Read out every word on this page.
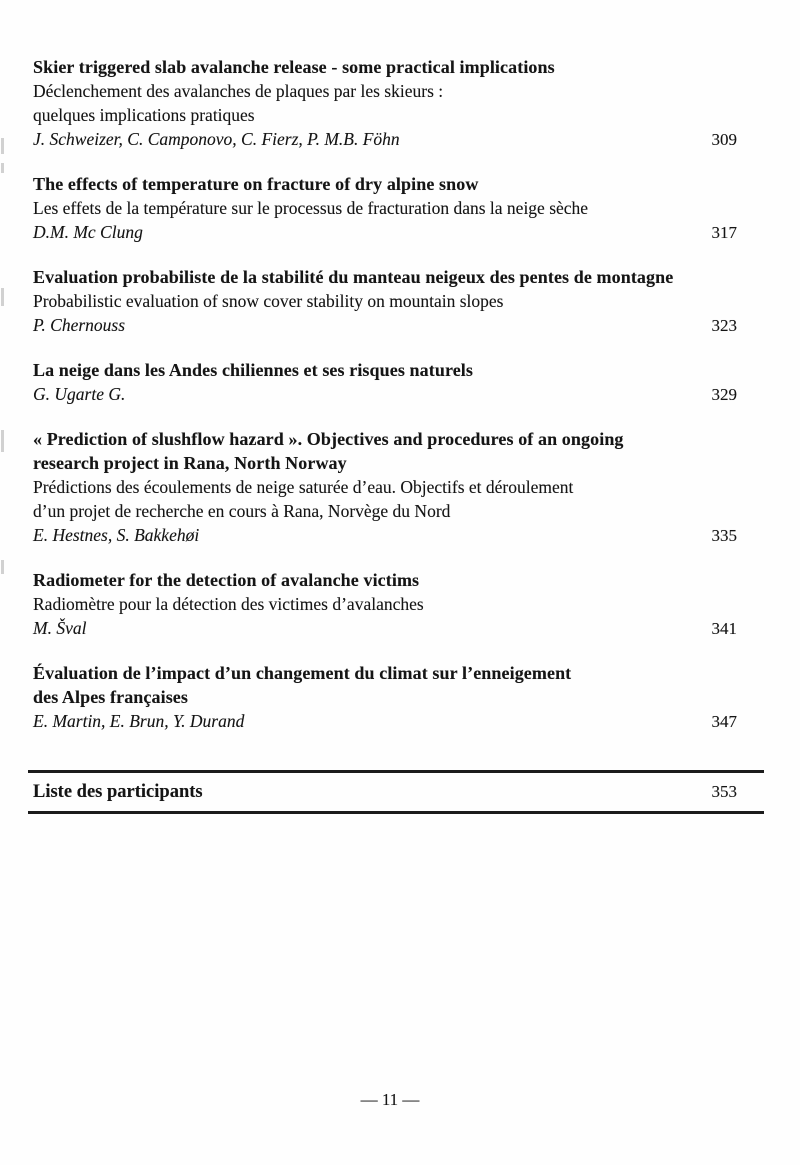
Skier triggered slab avalanche release - some practical implications

Déclenchement des avalanches de plaques par les skieurs :

quelques implications pratiques

J. Schweizer, C. Camponovo, C. Fierz, P. M.B. Föhn	309

The effects of temperature on fracture of dry alpine snow

Les effets de la température sur le processus de fracturation dans la neige sèche

D.M. Mc Clung	317

Evaluation probabiliste de la stabilité du manteau neigeux des pentes de montagne

Probabilistic evaluation of snow cover stability on mountain slopes

P. Chernouss	323

La neige dans les Andes chiliennes et ses risques naturels

G. Ugarte G.	329

« Prediction of slushflow hazard ». Objectives and procedures of an ongoing

research project in Rana, North Norway

Prédictions des écoulements de neige saturée d’eau. Objectifs et déroulement

d’un projet de recherche en cours à Rana, Norvège du Nord

E. Hestnes, S. Bakkehøi	335

Radiometer for the detection of avalanche victims

Radiomètre pour la détection des victimes d’avalanches

M. Šval	341

Évaluation de l’impact d’un changement du climat sur l’enneigement

des Alpes françaises

E. Martin, E. Brun, Y. Durand	347
Liste des participants	353
— 11 —
